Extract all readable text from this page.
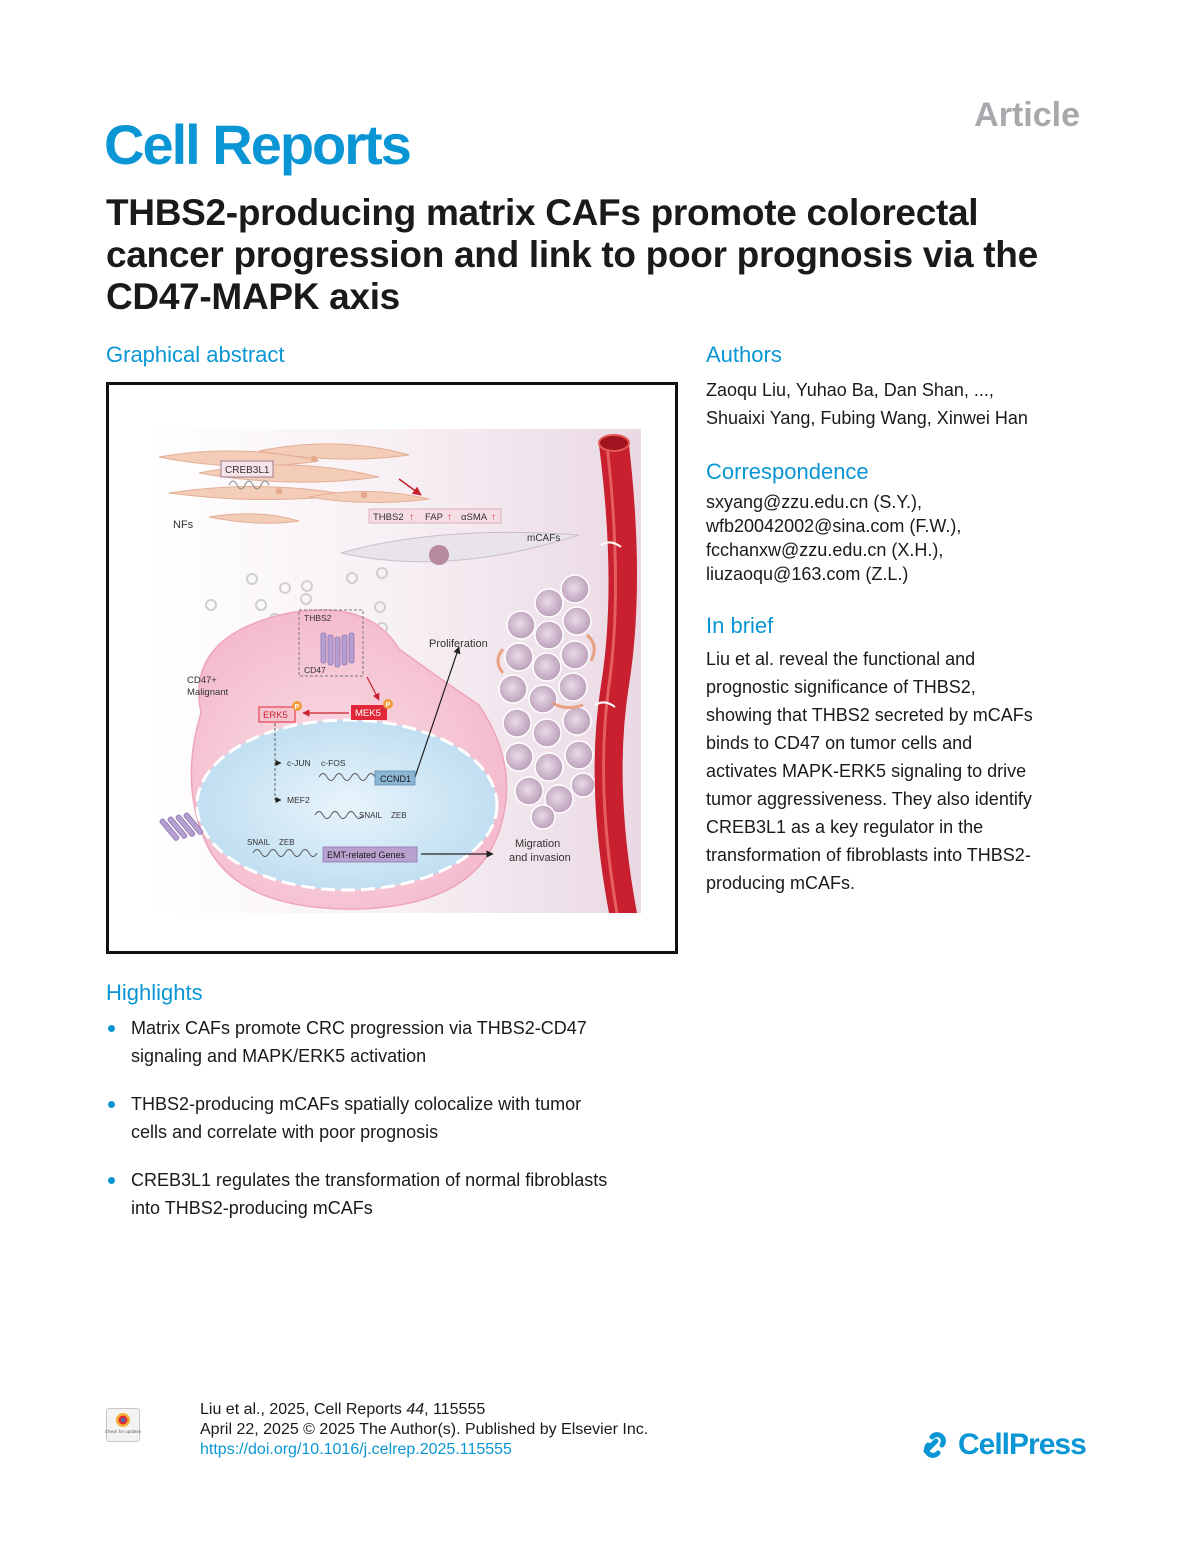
Article
Cell Reports
THBS2-producing matrix CAFs promote colorectal cancer progression and link to poor prognosis via the CD47-MAPK axis
Graphical abstract
CREB3L1
NFs
THBS2 ↑ FAP ↑ αSMA ↑
mCAFs
THBS2
CD47
Proliferation
CD47+
Malignant
MEK5
P
ERK5
P
c-JUN c-FOS
CCND1
MEF2
SNAIL ZEB
SNAIL ZEB
EMT-related Genes
Migration
and invasion
Highlights
Matrix CAFs promote CRC progression via THBS2-CD47
signaling and MAPK/ERK5 activation
THBS2-producing mCAFs spatially colocalize with tumor
cells and correlate with poor prognosis
CREB3L1 regulates the transformation of normal fibroblasts
into THBS2-producing mCAFs
Authors
Zaoqu Liu, Yuhao Ba, Dan Shan, ...,
Shuaixi Yang, Fubing Wang, Xinwei Han
Correspondence
sxyang@zzu.edu.cn (S.Y.),
wfb20042002@sina.com (F.W.),
fcchanxw@zzu.edu.cn (X.H.),
liuzaoqu@163.com (Z.L.)
In brief
Liu et al. reveal the functional and
prognostic significance of THBS2,
showing that THBS2 secreted by mCAFs
binds to CD47 on tumor cells and
activates MAPK-ERK5 signaling to drive
tumor aggressiveness. They also identify
CREB3L1 as a key regulator in the
transformation of fibroblasts into THBS2-
producing mCAFs.
Check for updates
Liu et al., 2025, Cell Reports 44, 115555
April 22, 2025 © 2025 The Author(s). Published by Elsevier Inc.
https://doi.org/10.1016/j.celrep.2025.115555	CellPress
